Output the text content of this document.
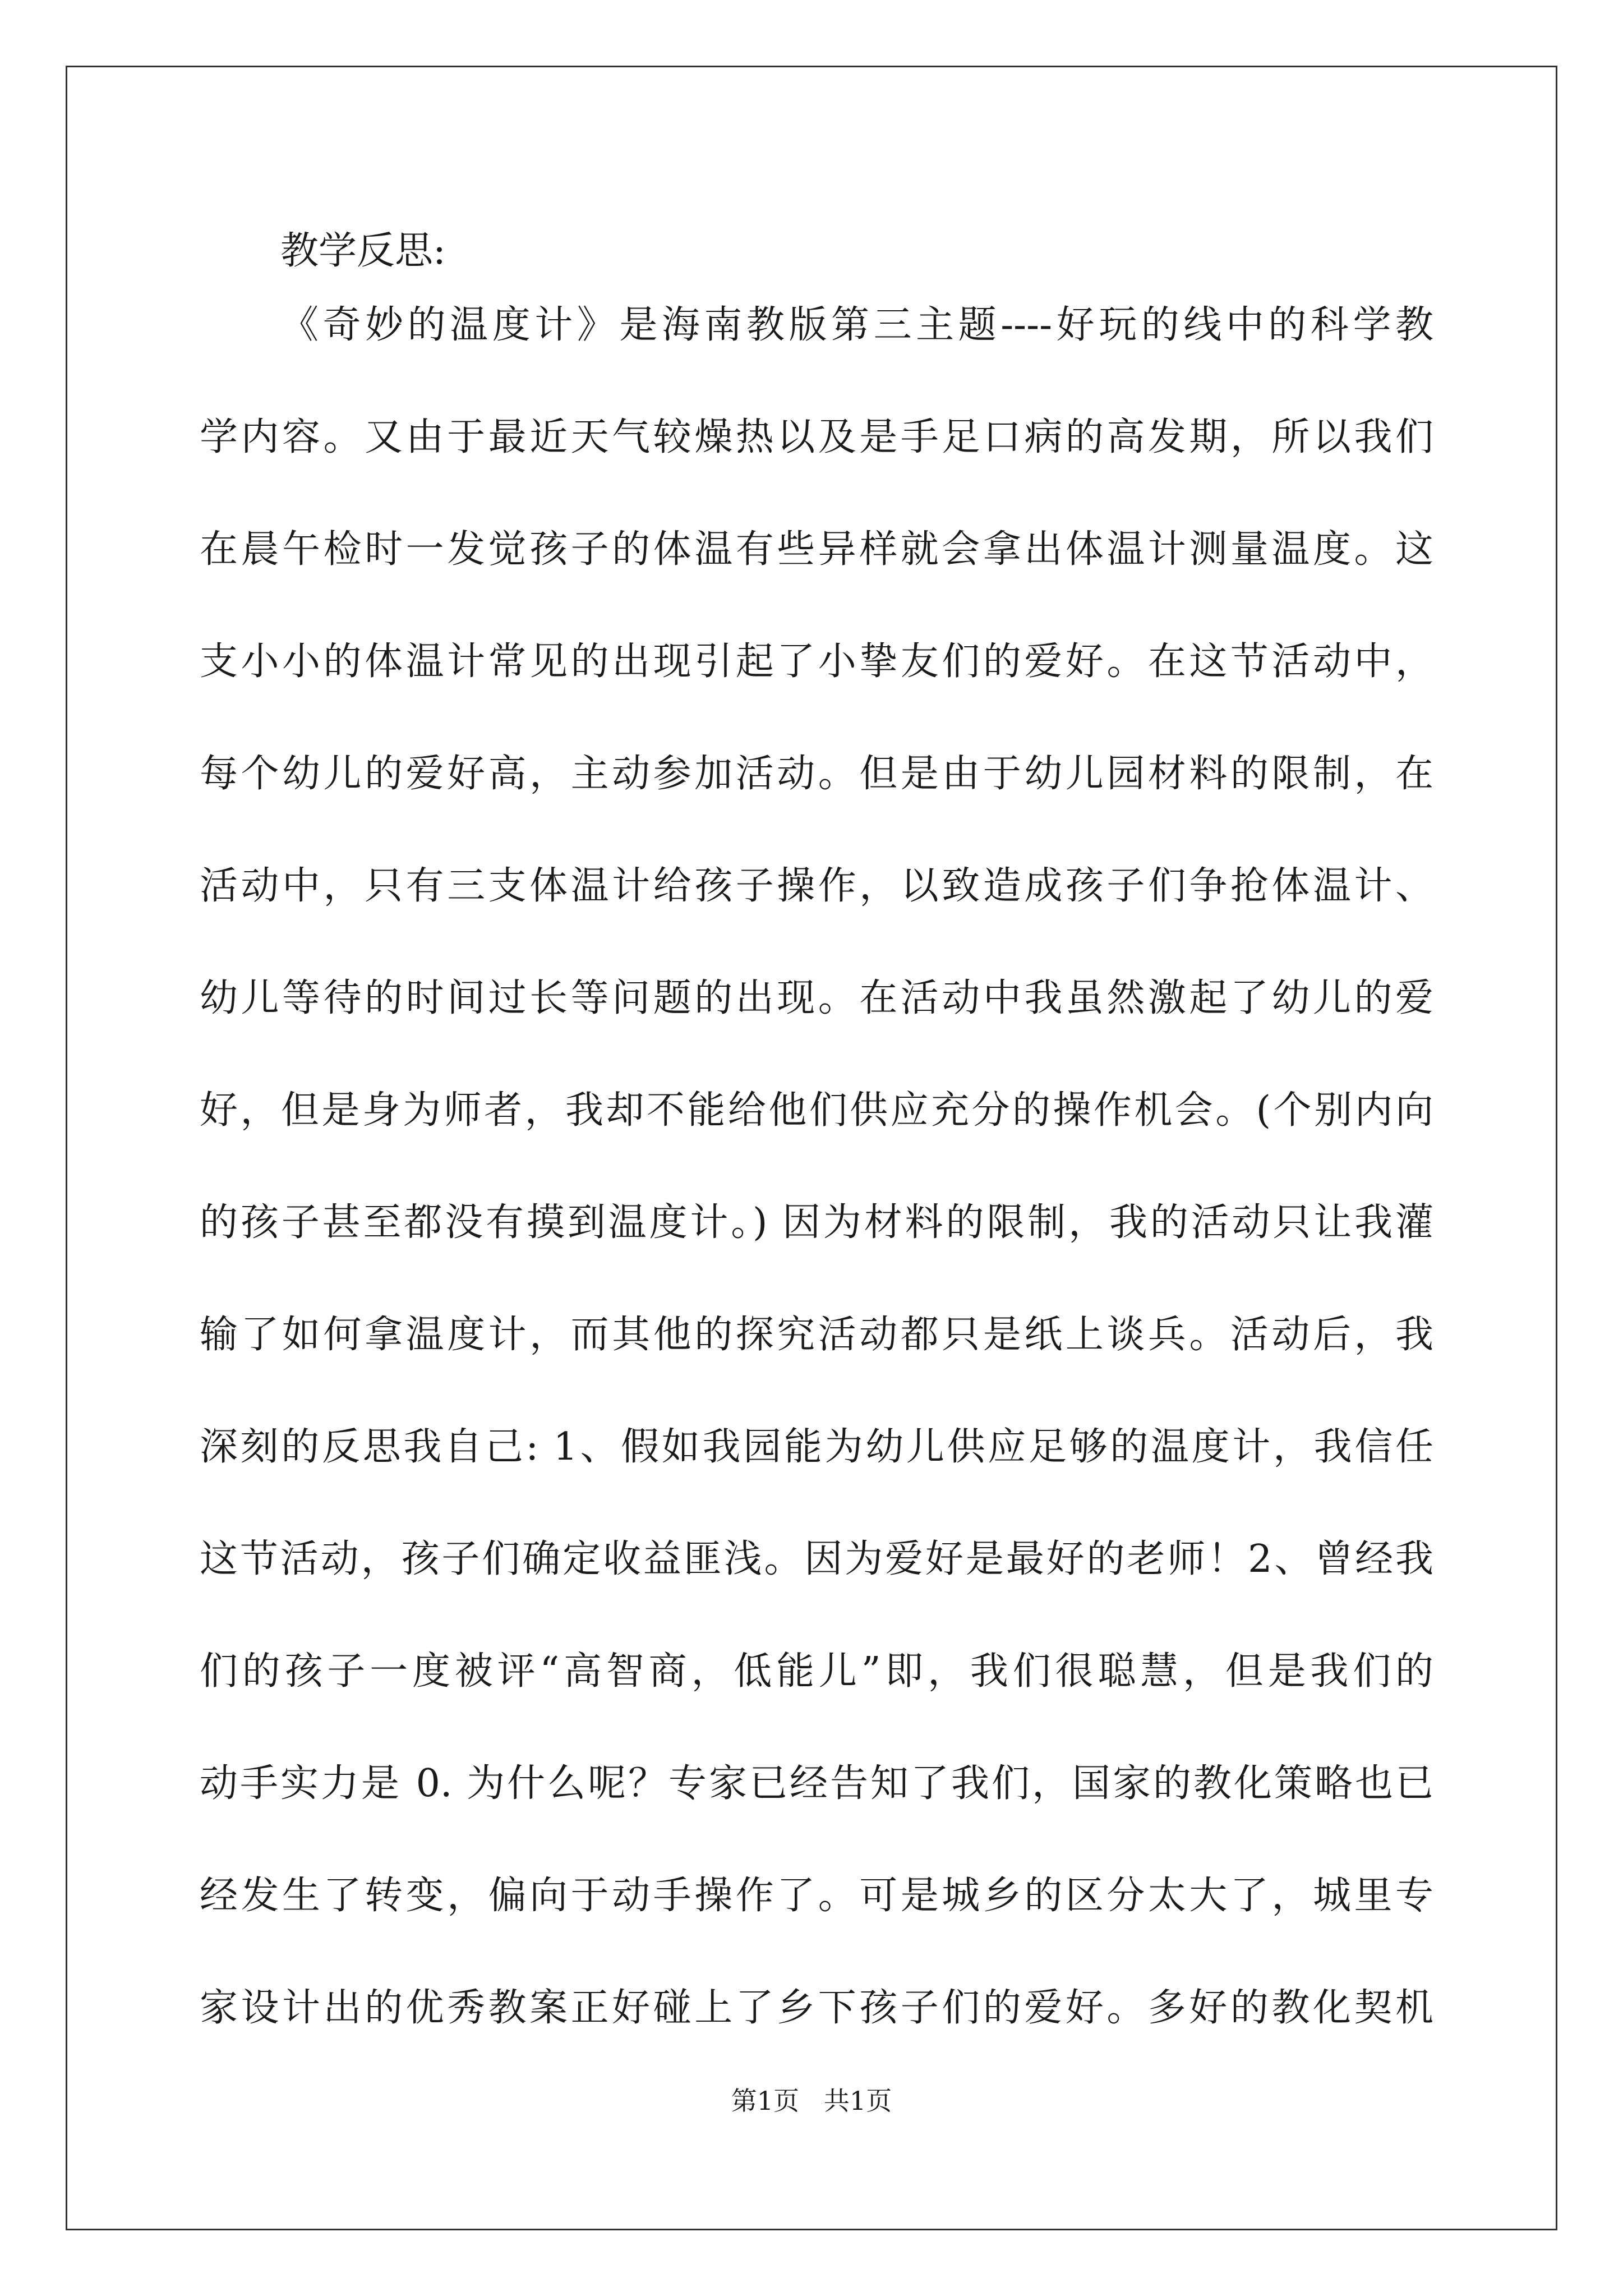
教学反思:
《奇妙的温度计》是海南教版第三主题----好玩的线中的科学教
学内容。又由于最近天气较燥热以及是手足口病的高发期，所以我们
在晨午检时一发觉孩子的体温有些异样就会拿出体温计测量温度。这
支小小的体温计常见的出现引起了小挚友们的爱好。在这节活动中，
每个幼儿的爱好高，主动参加活动。但是由于幼儿园材料的限制，在
活动中，只有三支体温计给孩子操作，以致造成孩子们争抢体温计、
幼儿等待的时间过长等问题的出现。在活动中我虽然激起了幼儿的爱
好，但是身为师者，我却不能给他们供应充分的操作机会。(个别内向
的孩子甚至都没有摸到温度计。) 因为材料的限制，我的活动只让我灌
输了如何拿温度计，而其他的探究活动都只是纸上谈兵。活动后，我
深刻的反思我自己: 1、假如我园能为幼儿供应足够的温度计，我信任
这节活动，孩子们确定收益匪浅。因为爱好是最好的老师！2、曾经我
们的孩子一度被评“高智商，低能儿”即，我们很聪慧，但是我们的
动手实力是 0. 为什么呢？专家已经告知了我们，国家的教化策略也已
经发生了转变，偏向于动手操作了。可是城乡的区分太大了，城里专
家设计出的优秀教案正好碰上了乡下孩子们的爱好。多好的教化契机
第1页   共1页
